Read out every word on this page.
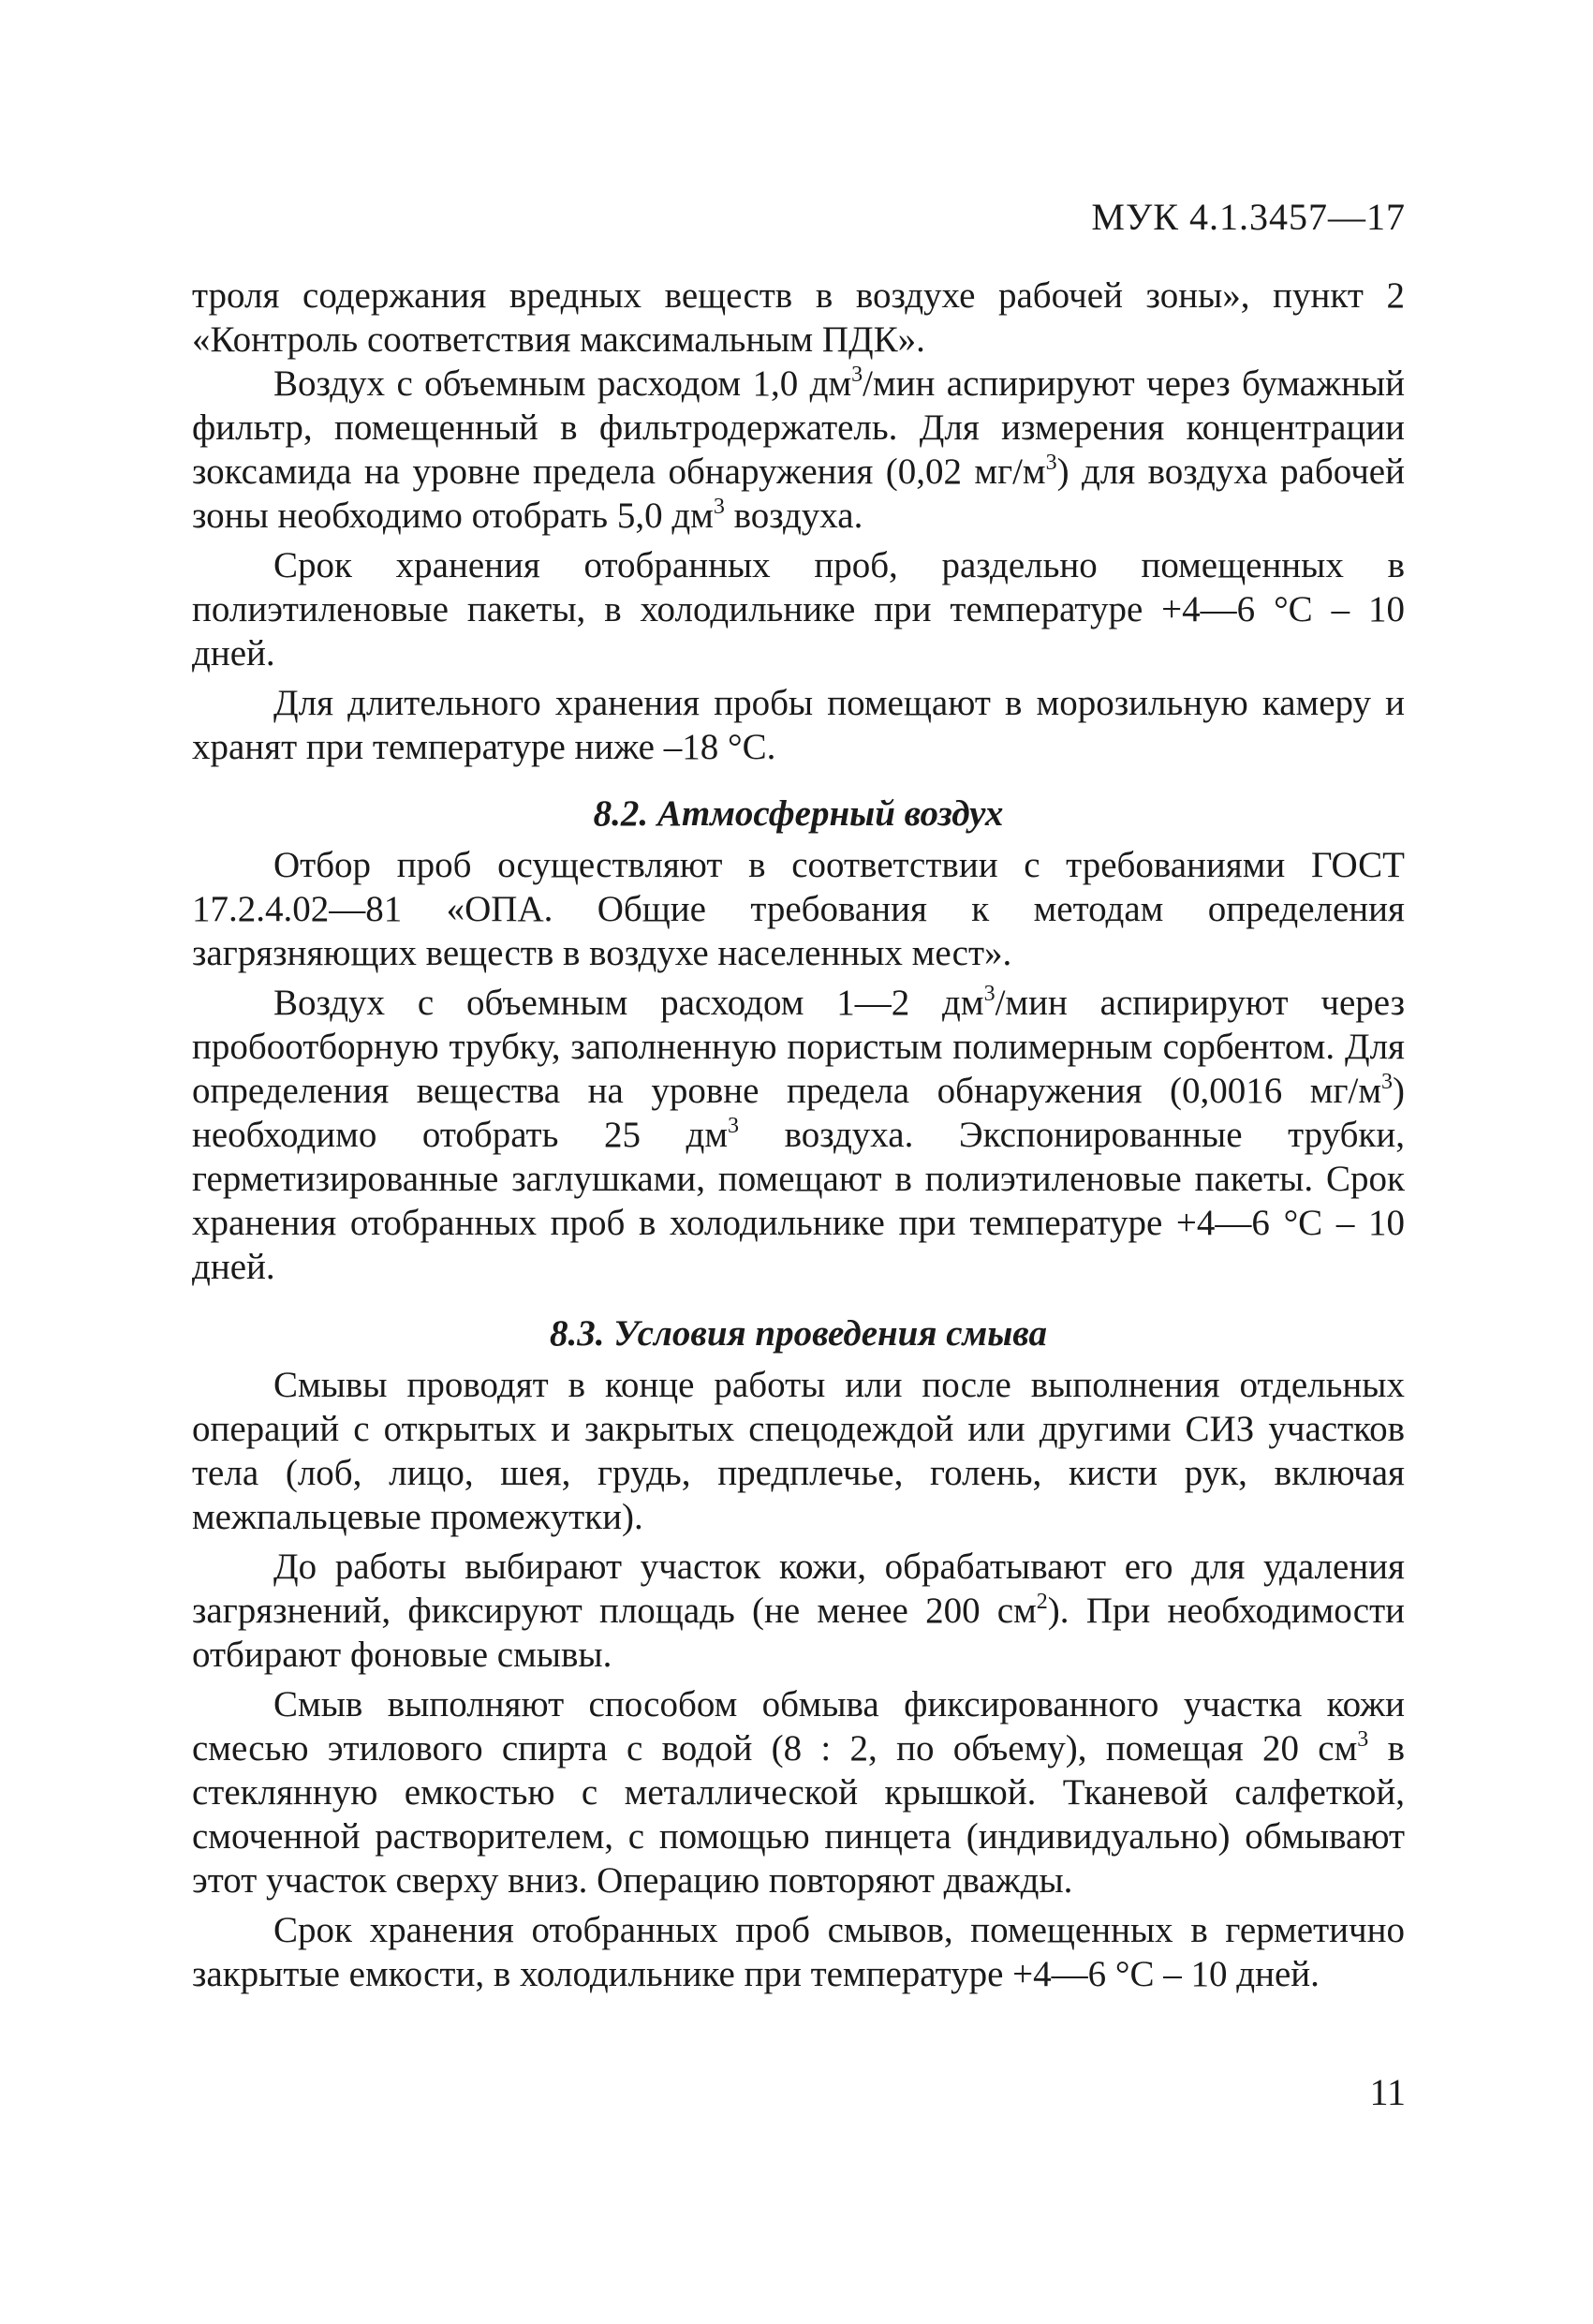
МУК 4.1.3457—17

троля содержания вредных веществ в воздухе рабочей зоны», пункт 2 «Контроль соответствия максимальным ПДК».

Воздух с объемным расходом 1,0 $дм^3$/мин аспирируют через бумажный фильтр, помещенный в фильтродержатель. Для измерения концентрации зоксамида на уровне предела обнаружения (0,02 $мг/м^3$) для воздуха рабочей зоны необходимо отобрать 5,0 $дм^3$ воздуха.

Срок хранения отобранных проб, раздельно помещенных в полиэтиленовые пакеты, в холодильнике при температуре +4—6 °С – 10 дней.

Для длительного хранения пробы помещают в морозильную камеру и хранят при температуре ниже –18 °С.

8.2. Атмосферный воздух

Отбор проб осуществляют в соответствии с требованиями ГОСТ 17.2.4.02—81 «ОПА. Общие требования к методам определения загрязняющих веществ в воздухе населенных мест».

Воздух с объемным расходом 1—2 $дм^3$/мин аспирируют через пробоотборную трубку, заполненную пористым полимерным сорбентом. Для определения вещества на уровне предела обнаружения (0,0016 $мг/м^3$) необходимо отобрать 25 $дм^3$ воздуха. Экспонированные трубки, герметизированные заглушками, помещают в полиэтиленовые пакеты. Срок хранения отобранных проб в холодильнике при температуре +4—6 °С – 10 дней.

8.3. Условия проведения смыва

Смывы проводят в конце работы или после выполнения отдельных операций с открытых и закрытых спецодеждой или другими СИЗ участков тела (лоб, лицо, шея, грудь, предплечье, голень, кисти рук, включая межпальцевые промежутки).

До работы выбирают участок кожи, обрабатывают его для удаления загрязнений, фиксируют площадь (не менее 200 $см^2$). При необходимости отбирают фоновые смывы.

Смыв выполняют способом обмыва фиксированного участка кожи смесью этилового спирта с водой (8 : 2, по объему), помещая 20 $см^3$ в стеклянную емкостью с металлической крышкой. Тканевой салфеткой, смоченной растворителем, с помощью пинцета (индивидуально) обмывают этот участок сверху вниз. Операцию повторяют дважды.

Срок хранения отобранных проб смывов, помещенных в герметично закрытые емкости, в холодильнике при температуре +4—6 °С – 10 дней.

11
